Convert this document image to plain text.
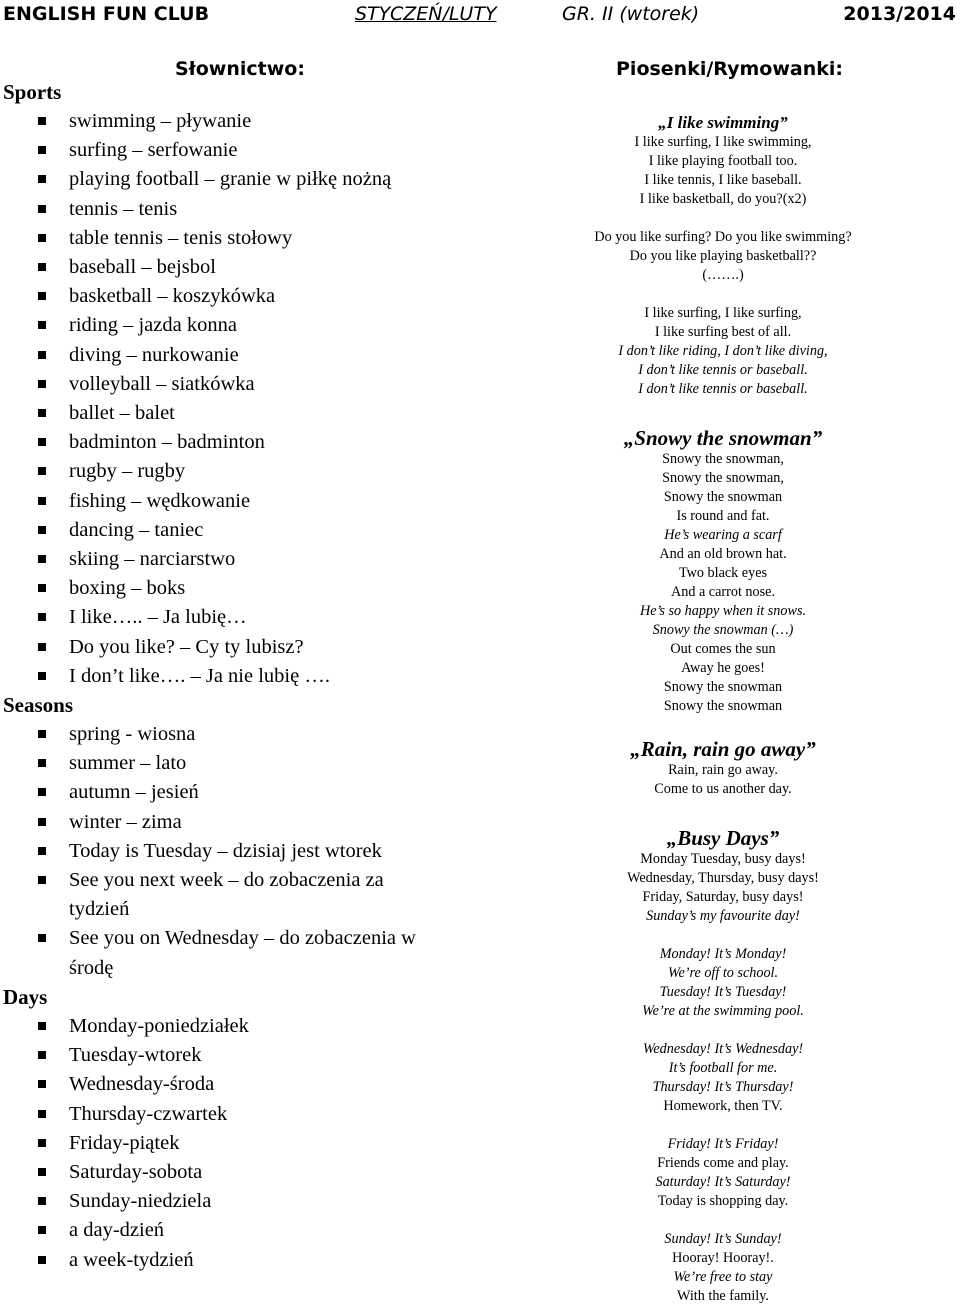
ENGLISH FUN CLUB	STYCZEŃ/LUTY	GR. II (wtorek)	2013/2014
Słownictwo:	Piosenki/Rymowanki:
Sports
swimming – pływanie
surfing – serfowanie
playing football – granie w piłkę nożną
tennis – tenis
table tennis – tenis stołowy
baseball – bejsbol
basketball – koszykówka
riding – jazda konna
diving – nurkowanie
volleyball – siatkówka
ballet – balet
badminton – badminton
rugby – rugby
fishing – wędkowanie
dancing – taniec
skiing – narciarstwo
boxing – boks
I like….. – Ja lubię…
Do you like? – Cy ty lubisz?
I don’t like…. – Ja nie lubię ….
Seasons
spring - wiosna
summer – lato
autumn – jesień
winter – zima
Today is Tuesday – dzisiaj jest wtorek
See you next week – do zobaczenia za
tydzień
See you on Wednesday – do zobaczenia w
środę
Days
Monday-poniedziałek
Tuesday-wtorek
Wednesday-środa
Thursday-czwartek
Friday-piątek
Saturday-sobota
Sunday-niedziela
a day-dzień
a week-tydzień
„I like swimming”
I like surfing, I like swimming,
I like playing football too.
I like tennis, I like baseball.
I like basketball, do you?(x2)
Do you like surfing? Do you like swimming?
Do you like playing basketball??
(…….)
I like surfing, I like surfing,
I like surfing best of all.
I don’t like riding, I don’t like diving,
I don’t like tennis or baseball.
I don’t like tennis or baseball.
„Snowy the snowman”
Snowy the snowman,
Snowy the snowman,
Snowy the snowman
Is round and fat.
He’s wearing a scarf
And an old brown hat.
Two black eyes
And a carrot nose.
He’s so happy when it snows.
Snowy the snowman (…)
Out comes the sun
Away he goes!
Snowy the snowman
Snowy the snowman
„Rain, rain go away”
Rain, rain go away.
Come to us another day.
„Busy Days”
Monday Tuesday, busy days!
Wednesday, Thursday, busy days!
Friday, Saturday, busy days!
Sunday’s my favourite day!
Monday! It’s Monday!
We’re off to school.
Tuesday! It’s Tuesday!
We’re at the swimming pool.
Wednesday! It’s Wednesday!
It’s football for me.
Thursday! It’s Thursday!
Homework, then TV.
Friday! It’s Friday!
Friends come and play.
Saturday! It’s Saturday!
Today is shopping day.
Sunday! It’s Sunday!
Hooray! Hooray!.
We’re free to stay
With the family.
